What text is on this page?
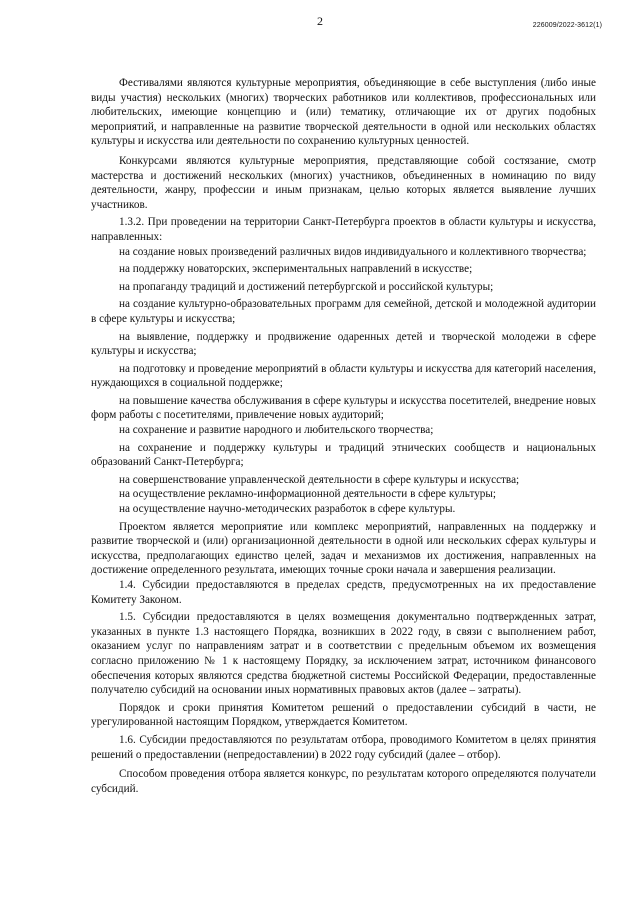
2	226009/2022-3612(1)

Фестивалями являются культурные мероприятия, объединяющие в себе выступления (либо иные виды участия) нескольких (многих) творческих работников или коллективов, профессиональных или любительских, имеющие концепцию и (или) тематику, отличающие их от других подобных мероприятий, и направленные на развитие творческой деятельности в одной или нескольких областях культуры и искусства или деятельности по сохранению культурных ценностей.

Конкурсами являются культурные мероприятия, представляющие собой состязание, смотр мастерства и достижений нескольких (многих) участников, объединенных в номинацию по виду деятельности, жанру, профессии и иным признакам, целью которых является выявление лучших участников.

1.3.2. При проведении на территории Санкт-Петербурга проектов в области культуры и искусства, направленных:

на создание новых произведений различных видов индивидуального и коллективного творчества;

на поддержку новаторских, экспериментальных направлений в искусстве;

на пропаганду традиций и достижений петербургской и российской культуры;

на создание культурно-образовательных программ для семейной, детской и молодежной аудитории в сфере культуры и искусства;

на выявление, поддержку и продвижение одаренных детей и творческой молодежи в сфере культуры и искусства;

на подготовку и проведение мероприятий в области культуры и искусства для категорий населения, нуждающихся в социальной поддержке;

на повышение качества обслуживания в сфере культуры и искусства посетителей, внедрение новых форм работы с посетителями, привлечение новых аудиторий;

на сохранение и развитие народного и любительского творчества;

на сохранение и поддержку культуры и традиций этнических сообществ и национальных образований Санкт-Петербурга;

на совершенствование управленческой деятельности в сфере культуры и искусства;

на осуществление рекламно-информационной деятельности в сфере культуры;

на осуществление научно-методических разработок в сфере культуры.

Проектом является мероприятие или комплекс мероприятий, направленных на поддержку и развитие творческой и (или) организационной деятельности в одной или нескольких сферах культуры и искусства, предполагающих единство целей, задач и механизмов их достижения, направленных на достижение определенного результата, имеющих точные сроки начала и завершения реализации.

1.4. Субсидии предоставляются в пределах средств, предусмотренных на их предоставление Комитету Законом.

1.5. Субсидии предоставляются в целях возмещения документально подтвержденных затрат, указанных в пункте 1.3 настоящего Порядка, возникших в 2022 году, в связи с выполнением работ, оказанием услуг по направлениям затрат и в соответствии с предельным объемом их возмещения согласно приложению № 1 к настоящему Порядку, за исключением затрат, источником финансового обеспечения которых являются средства бюджетной системы Российской Федерации, предоставленные получателю субсидий на основании иных нормативных правовых актов (далее – затраты).

Порядок и сроки принятия Комитетом решений о предоставлении субсидий в части, не урегулированной настоящим Порядком, утверждается Комитетом.

1.6. Субсидии предоставляются по результатам отбора, проводимого Комитетом в целях принятия решений о предоставлении (непредоставлении) в 2022 году субсидий (далее – отбор).

Способом проведения отбора является конкурс, по результатам которого определяются получатели субсидий.
